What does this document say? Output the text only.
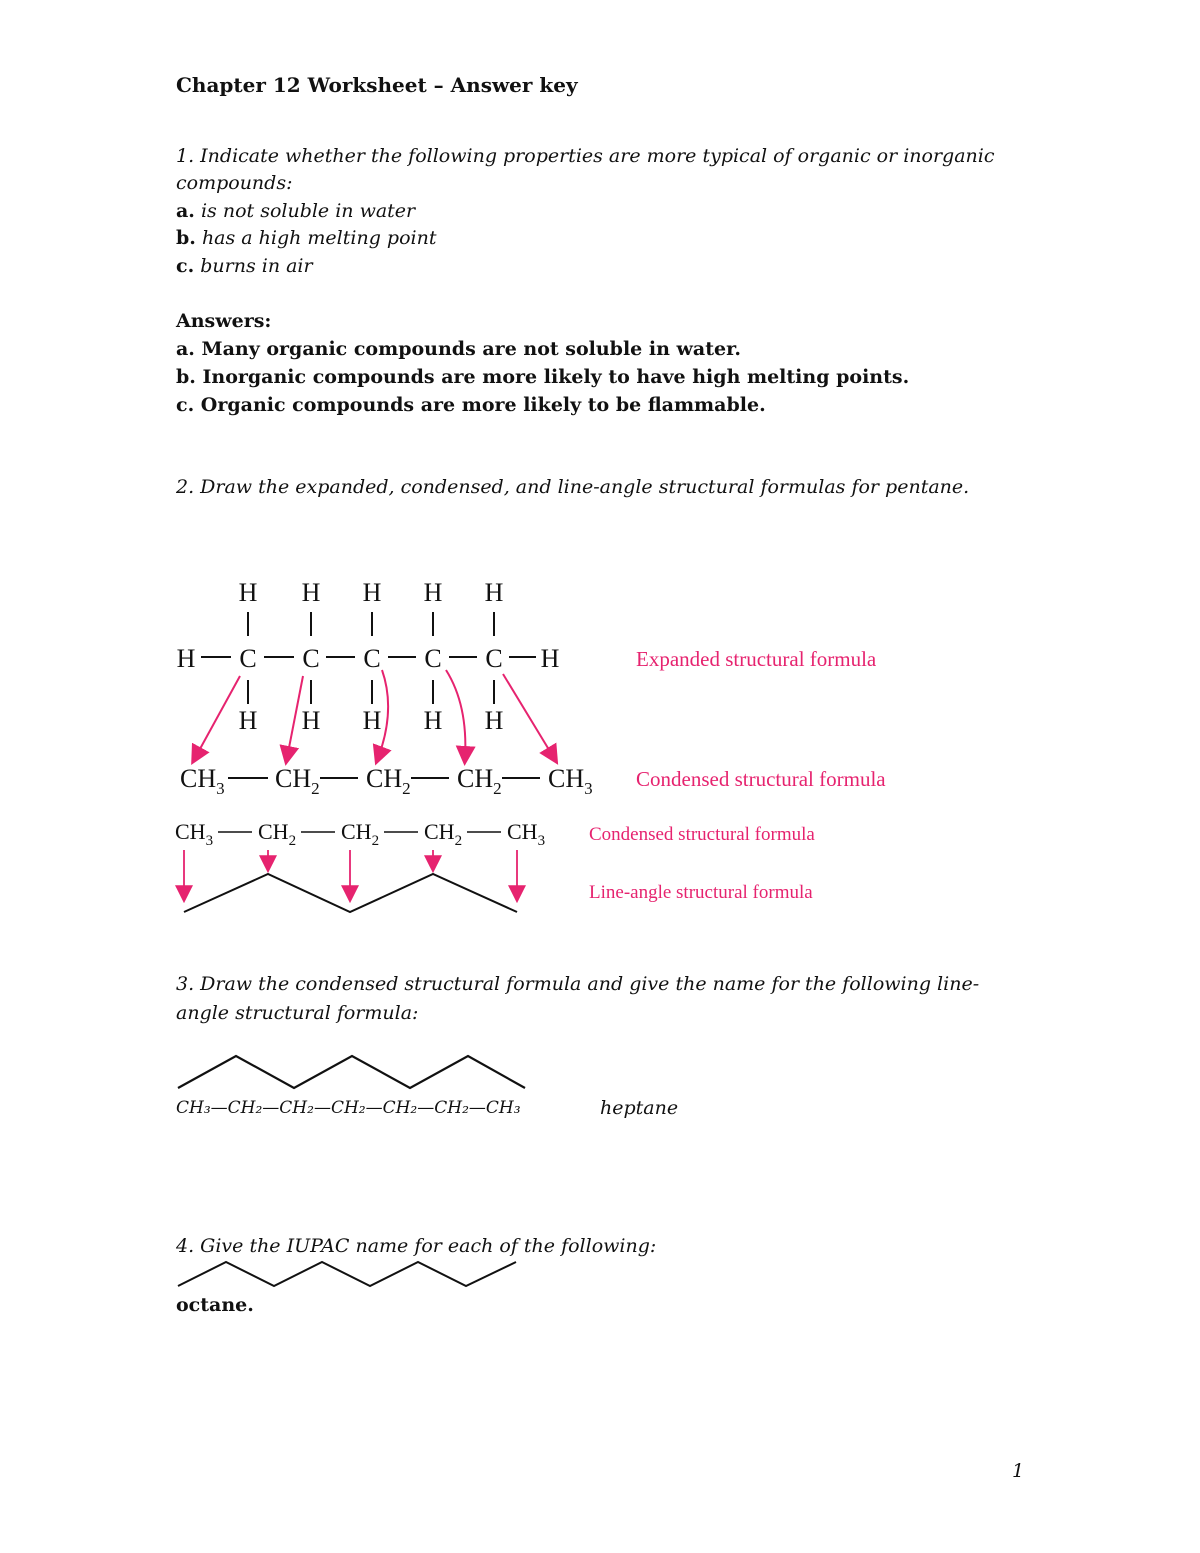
Chapter 12 Worksheet – Answer key
1. Indicate whether the following properties are more typical of organic or inorganic
compounds:
a. is not soluble in water
b. has a high melting point
c. burns in air
Answers:
a. Many organic compounds are not soluble in water.
b. Inorganic compounds are more likely to have high melting points.
c. Organic compounds are more likely to be flammable.
2. Draw the expanded, condensed, and line-angle structural formulas for pentane.
H H H H H
H C C C C C H
H H H H H
$CH_3$ $CH_2$ $CH_2$ $CH_2$ $CH_3$
$CH_3$ $CH_2$ $CH_2$ $CH_2$ $CH_3$
Expanded structural formula
Condensed structural formula
Condensed structural formula
Line-angle structural formula
3. Draw the condensed structural formula and give the name for the following line-
angle structural formula:
CH₃—CH₂—CH₂—CH₂—CH₂—CH₂—CH₃	heptane
4. Give the IUPAC name for each of the following:
octane.
1
